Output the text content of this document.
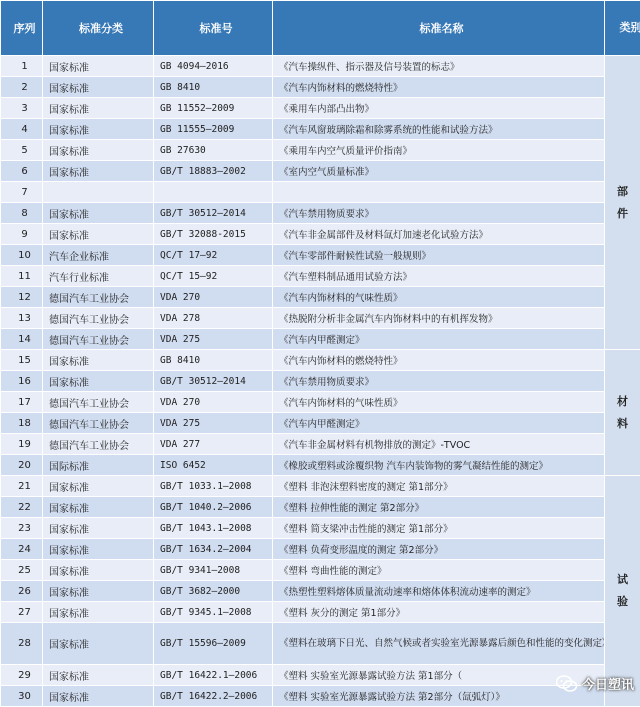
序列	标准分类	标准号	标准名称	类别
1	国家标准	GB 4094—2016	《汽车操纵件、指示器及信号装置的标志》	部件
2	国家标准	GB 8410	《汽车内饰材料的燃烧特性》	
3	国家标准	GB 11552—2009	《乘用车内部凸出物》	
4	国家标准	GB 11555—2009	《汽车风窗玻璃除霜和除雾系统的性能和试验方法》	
5	国家标准	GB 27630	《乘用车内空气质量评价指南》	
6	国家标准	GB/T 18883—2002	《室内空气质量标准》	
7				
8	国家标准	GB/T 30512—2014	《汽车禁用物质要求》	
9	国家标准	GB/T 32088-2015	《汽车非金属部件及材料氙灯加速老化试验方法》	
10	汽车企业标准	QC/T 17—92	《汽车零部件耐候性试验一般规则》	
11	汽车行业标准	QC/T 15—92	《汽车塑料制品通用试验方法》	
12	德国汽车工业协会	VDA 270	《汽车内饰材料的气味性质》	
13	德国汽车工业协会	VDA 278	《热脱附分析非金属汽车内饰材料中的有机挥发物》	
14	德国汽车工业协会	VDA 275	《汽车内甲醛测定》	
15	国家标准	GB 8410	《汽车内饰材料的燃烧特性》	材料
16	国家标准	GB/T 30512—2014	《汽车禁用物质要求》	
17	德国汽车工业协会	VDA 270	《汽车内饰材料的气味性质》	
18	德国汽车工业协会	VDA 275	《汽车内甲醛测定》	
19	德国汽车工业协会	VDA 277	《汽车非金属材料有机物排放的测定》-TVOC	
20	国际标准	ISO 6452	《橡胶或塑料或涂覆织物 汽车内装饰物的雾气凝结性能的测定》	
21	国家标准	GB/T 1033.1—2008	《塑料 非泡沫塑料密度的测定 第1部分》	试验
22	国家标准	GB/T 1040.2—2006	《塑料 拉伸性能的测定 第2部分》	
23	国家标准	GB/T 1043.1—2008	《塑料 简支梁冲击性能的测定 第1部分》	
24	国家标准	GB/T 1634.2—2004	《塑料 负荷变形温度的测定 第2部分》	
25	国家标准	GB/T 9341—2008	《塑料 弯曲性能的测定》	
26	国家标准	GB/T 3682—2000	《热塑性塑料熔体质量流动速率和熔体体积流动速率的测定》	
27	国家标准	GB/T 9345.1—2008	《塑料 灰分的测定 第1部分》	
28	国家标准	GB/T 15596—2009	《塑料在玻璃下日光、自然气候或者实验室光源暴露后颜色和性能的变化测定》	
29	国家标准	GB/T 16422.1—2006	《塑料 实验室光源暴露试验方法 第1部分（	
30	国家标准	GB/T 16422.2—2006	《塑料 实验室光源暴露试验方法 第2部分（氙弧灯）》	
今日塑讯
